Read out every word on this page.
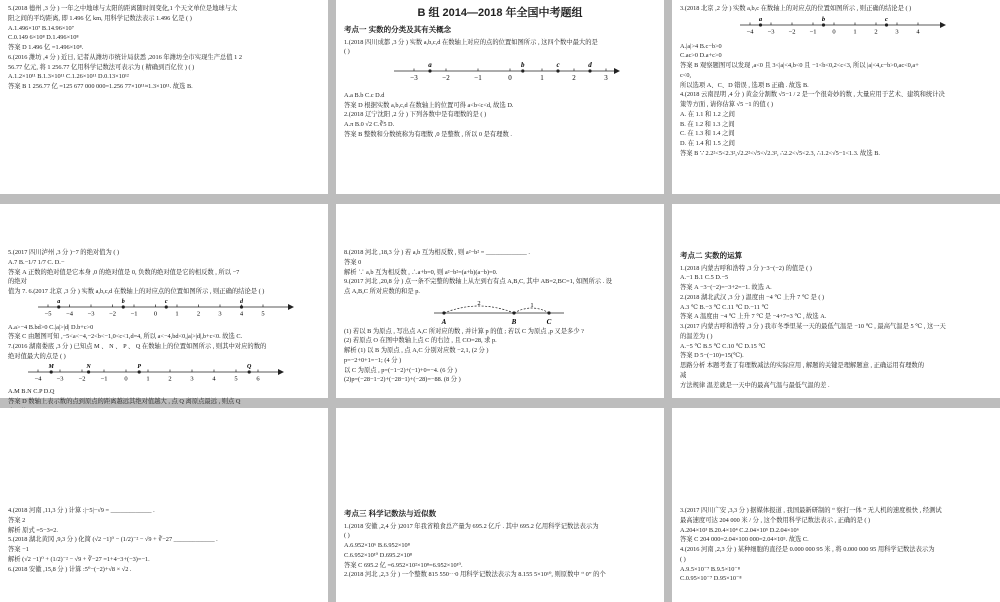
5.(2018 德州 ,3 分 ) 一年之中地球与太阳的距离随时间变化,1 个天文单位是地球与太
阳之间的平均距离, 即 1.496 亿 km, 用科学记数法表示 1.496 亿是 ( )
A.1.496×10⁷ B.14.96×10⁷
C.0.149 6×10⁸ D.1.496×10⁸
答案 D 1.496 亿 =1.496×10⁸.
6.(2016 潍坊 ,4 分 ) 近日, 记者从潍坊市统计局获悉 ,2016 年潍坊全市实现生产总值 1 2
56.77 亿元, 将 1 256.77 亿用科学记数法可表示为 ( 精确到百亿位 ) ( )
A.1.2×10¹¹ B.1.3×10¹¹ C.1.26×10¹¹ D.0.13×10¹²
答案 B 1 256.77 亿 =125 677 000 000=1.256 77×10¹¹≈1.3×10¹¹. 故选 B.
B 组 2014—2018 年全国中考题组
考点一 实数的分类及其有关概念
1.(2018 四川成都 ,3 分 ) 实数 a,b,c,d 在数轴上对应的点的位置如图所示 , 这四个数中最大的是
( )
−3	−2	−1	0	1	2	3
a	b	c	d
A.a B.b C.c D.d
答案 D 根据实数 a,b,c,d 在数轴上的位置可得 a<b<c<d, 故选 D.
2.(2018 辽宁沈阳 ,2 分 ) 下列各数中是有理数的是 ( )
A.π B.0 √2 C.∛5 D.
答案 B 整数和分数统称为有理数 ,0 是整数 , 所以 0 是有理数 .
3.(2018 北京 ,2 分 ) 实数 a,b,c 在数轴上的对应点的位置如图所示 , 则正确的结论是 ( )
−4 −3 −2 −1 0	1	2	3	4
a	b	c
A.|a|>4 B.c−b>0
C.ac>0 D.a+c>0
答案 B 观察题图可以发现 ,a<0 且 3<|a|<4,b<0 且 −1<b<0,2<c<3, 所以 |a|<4,c−b>0,ac<0,a+
c<0,
所以选项 A、C、D 错误 , 选项 B 正确 . 故选 B.
4.(2018 云南昆明 ,4 分 ) 黄金分割数 √5−1 / 2 是一个很奇妙的数 , 大量应用于艺术、建筑和统计决
策等方面 , 请你估算 √5 −1 的值 ( )
A. 在 1.1 和 1.2 之间
B. 在 1.2 和 1.3 之间
C. 在 1.3 和 1.4 之间
D. 在 1.4 和 1.5 之间
答案 B ∵ 2.2²<5<2.3²,√2.2²<√5<√2.3², ∴2.2<√5<2.3, ∴1.2<√5−1<1.3. 故选 B.
5.(2017 四川泸州 ,3 分 )−7 的绝对值为 ( )
A.7 B.−1/7 1/7 C. D.−
答案 A 正数的绝对值是它本身 ,0 的绝对值是 0, 负数的绝对值是它的相反数 , 所以 −7
的绝对
值为 7. 6.(2017 北京 ,3 分 ) 实数 a,b,c,d 在数轴上的对应点的位置如图所示 , 则正确的结论是 ( )
−5 −4 −3 −2 −1	0	1	2	3	4	5
a	b	c	d
A.a>−4 B.bd>0 C.|a|>|d| D.b+c>0
答案 C 由题图可知 ,−5<a<−4,−2<b<−1,0<c<1,d=4, 所以 a<−4,bd<0,|a|>|d|,b+c<0. 故选 C.
7.(2016 湖南娄底 ,3 分 ) 已知点 M 、 N 、 P 、 Q 在数轴上的位置如图所示 , 则其中对应的数的
绝对值最大的点是 ( )
−4 −3 −2 −1	0	1	2	3	4	5	6
M	N	P	Q
A.M B.N C.P D.Q
答案 D 数轴上表示数的点到原点的距离越远其绝对值越大 , 点 Q 离原点最远 , 则点 Q
8.(2018 河北 ,18,3 分 ) 若 a,b 互为相反数 , 则 a²−b² = _____________ .
答案 0
解析 ∵ a,b 互为相反数 , ∴a+b=0, 则 a²−b²=(a+b)(a−b)=0.
9.(2017 河北 ,20,8 分 ) 点一条不完整的数轴上从左到右有点 A,B,C, 其中 AB=2,BC=1, 如图所示 . 设
点 A,B,C 所对应数的和是 p.
2	1
A	B	C
(1) 若以 B 为原点 , 写出点 A,C 所对应的数 , 并计算 p 的值 ; 若以 C 为原点 ,p 又是多少 ?
(2) 若原点 O 在图中数轴上点 C 的右边 , 且 CO=28, 求 p.
解析 (1) 以 B 为原点 , 点 A,C 分别对应数 −2,1, (2 分 )
p=−2+0+1=−1; (4 分 )
以 C 为原点 , p=(−1−2)+(−1)+0=−4. (6 分 )
(2)p=(−28−1−2)+(−28−1)+(−28)=−88. (8 分 )
考点二 实数的运算
1.(2018 内蒙古呼和浩特 ,3 分 )−3−(−2) 的值是 ( )
A.−1 B.1 C.5 D.−5
答案 A −3−(−2)=−3+2=−1. 故选 A.
2.(2018 湖北武汉 ,3 分 ) 温度由 −4 ℃ 上升 7 ℃ 是 ( )
A.3 ℃ B.−3 ℃ C.11 ℃ D.−11 ℃
答案 A 温度由 −4 ℃ 上升 7 ℃ 是 −4+7=3 ℃ , 故选 A.
3.(2017 内蒙古呼和浩特 ,3 分 ) 我市冬季里某一天的最低气温是 −10 ℃ , 最高气温是 5 ℃ , 这一天
的温差为 ( )
A.−5 ℃ B.5 ℃ C.10 ℃ D.15 ℃
答案 D 5−(−10)=15(℃).
思路分析 本题考查了有理数减法的实际应用 , 解题的关键是理解题意 , 正确运用有理数的
减
方法规律 温差就是一天中的最高气温与最低气温的差 .
4.(2018 河南 ,11,3 分 ) 计算 :|−5|−√9 = _____________ .
答案 2
解析 原式 =5−3=2.
5.(2018 湖北黄冈 ,9,3 分 ) 化简 (√2 −1)⁰ − (1/2)⁻² − √9 + ∛−27 _____________ .
答案 −1
解析 (√2 −1)⁰ + (1/2)⁻² − √9 + ∛−27 =1+4−3+(−3)=−1.
6.(2018 安徽 ,15,8 分 ) 计算 :5⁰−(−2)+√8 × √2 .
考点三 科学记数法与近似数
1.(2018 安徽 ,2,4 分 )2017 年我省粮食总产量为 695.2 亿斤 . 其中 695.2 亿用科学记数法表示为
( )
A.6.952×10⁶ B.6.952×10⁸
C.6.952×10¹⁰ D.695.2×10⁸
答案 C 695.2 亿 =6.952×10²×10⁸=6.952×10¹⁰.
2.(2018 河北 ,2,3 分 ) 一个整数 815 550⋯0 用科学记数法表示为 8.155 5×10¹⁰, 则原数中 “ 0” 的个
3.(2017 四川广安 ,3,3 分 ) 据媒体报道 , 我国最新研制的 “ 察打一体 ” 无人机的速度极快 , 经测试
最高速度可达 204 000 米 / 分 , 这个数用科学记数法表示 , 正确的是 ( )
A.204×10³ B.20.4×10⁴ C.2.04×10⁵ D.2.04×10⁶
答案 C 204 000=2.04×100 000=2.04×10⁵. 故选 C.
4.(2016 河南 ,2,3 分 ) 某种细胞的直径是 0.000 000 95 米 , 将 0.000 000 95 用科学记数法表示为
( )
A.9.5×10⁻⁷ B.9.5×10⁻⁸
C.0.95×10⁻⁷ D.95×10⁻⁸
